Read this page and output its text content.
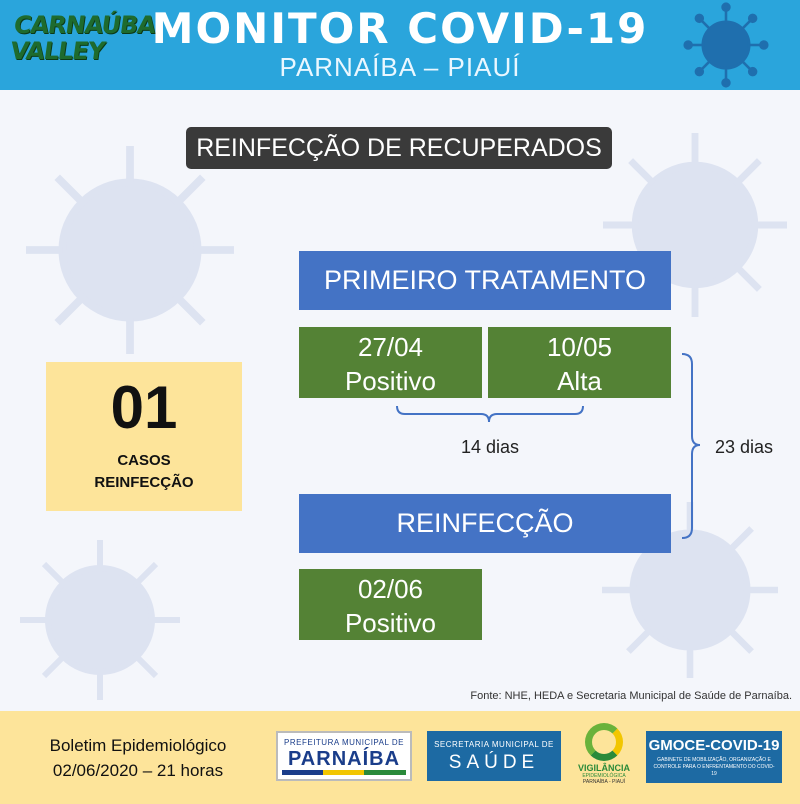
CARNAÚBA
VALLEY	MONITOR COVID-19
PARNAÍBA – PIAUÍ
REINFECÇÃO DE RECUPERADOS
01
CASOS
REINFECÇÃO
PRIMEIRO TRATAMENTO
27/04
Positivo
10/05
Alta
14 dias	23 dias
REINFECÇÃO
02/06
Positivo
Fonte: NHE, HEDA e Secretaria Municipal de Saúde de Parnaíba.
Boletim Epidemiológico
02/06/2020 – 21 horas
PREFEITURA MUNICIPAL DE
PARNAÍBA
SECRETARIA MUNICIPAL DE
SAÚDE	VIGILÂNCIA
EPIDEMIOLÓGICA
PARNAÍBA - PIAUÍ
GMOCE-COVID-19
GABINETE DE MOBILIZAÇÃO, ORGANIZAÇÃO E CONTROLE PARA O ENFRENTAMENTO DO COVID-19
